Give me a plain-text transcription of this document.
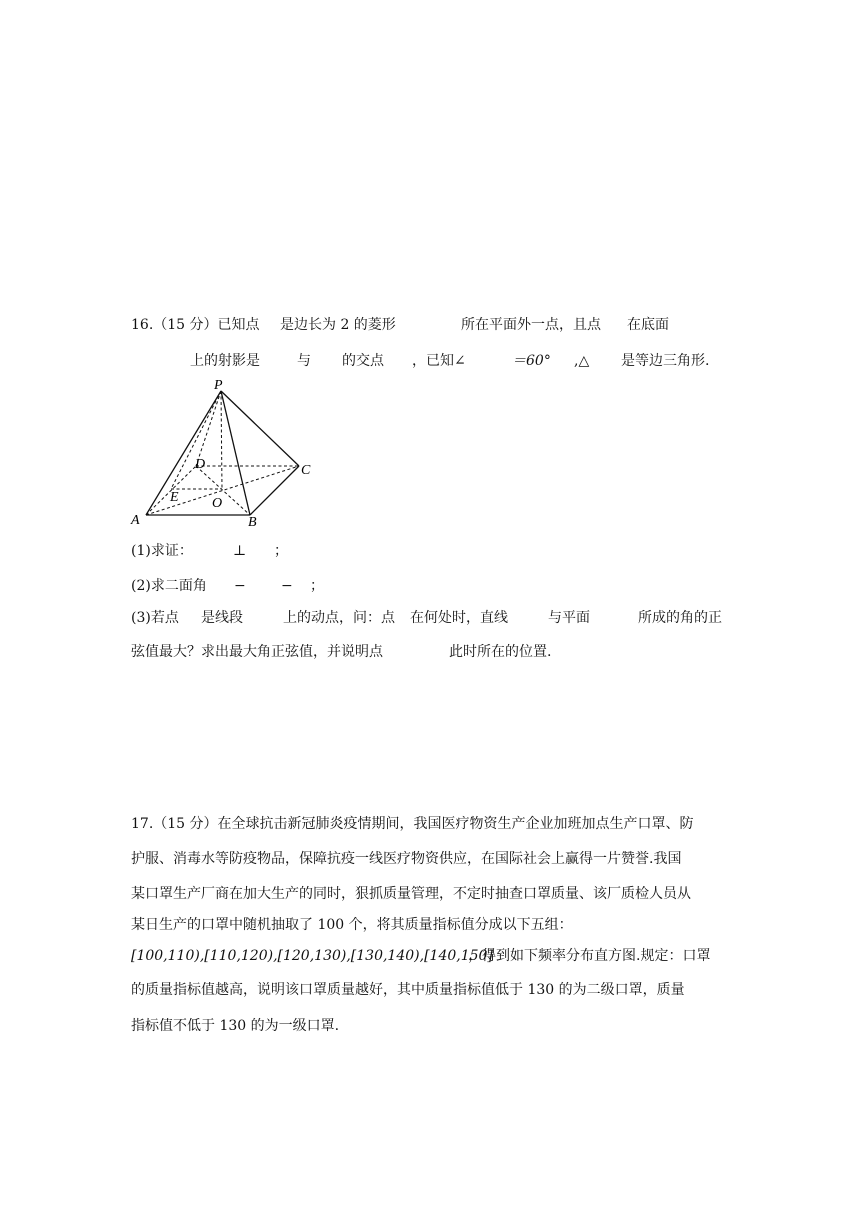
16.（15 分）已知点 是边长为 2 的菱形	所在平面外一点，且点 在底面
上的射影是	与 的交点 ，已知∠	＝60° ,△ 是等边三角形.
P
D	C
E O
A	B
(1)求证：	⊥ ；
(2)求二面角 −	− ；
(3)若点 是线段	上的动点，问：点 在何处时，直线	与平面	所成的角的正
弦值最大？求出最大角正弦值，并说明点	此时所在的位置.
17.（15 分）在全球抗击新冠肺炎疫情期间，我国医疗物资生产企业加班加点生产口罩、防
护服、消毒水等防疫物品，保障抗疫一线医疗物资供应，在国际社会上赢得一片赞誉.我国
某口罩生产厂商在加大生产的同时，狠抓质量管理，不定时抽查口罩质量、该厂质检人员从
某日生产的口罩中随机抽取了 100 个，将其质量指标值分成以下五组：
[100,110),[110,120),[120,130),[130,140),[140,150]
，得到如下频率分布直方图.规定：口罩
的质量指标值越高，说明该口罩质量越好，其中质量指标值低于 130 的为二级口罩，质量
指标值不低于 130 的为一级口罩.
